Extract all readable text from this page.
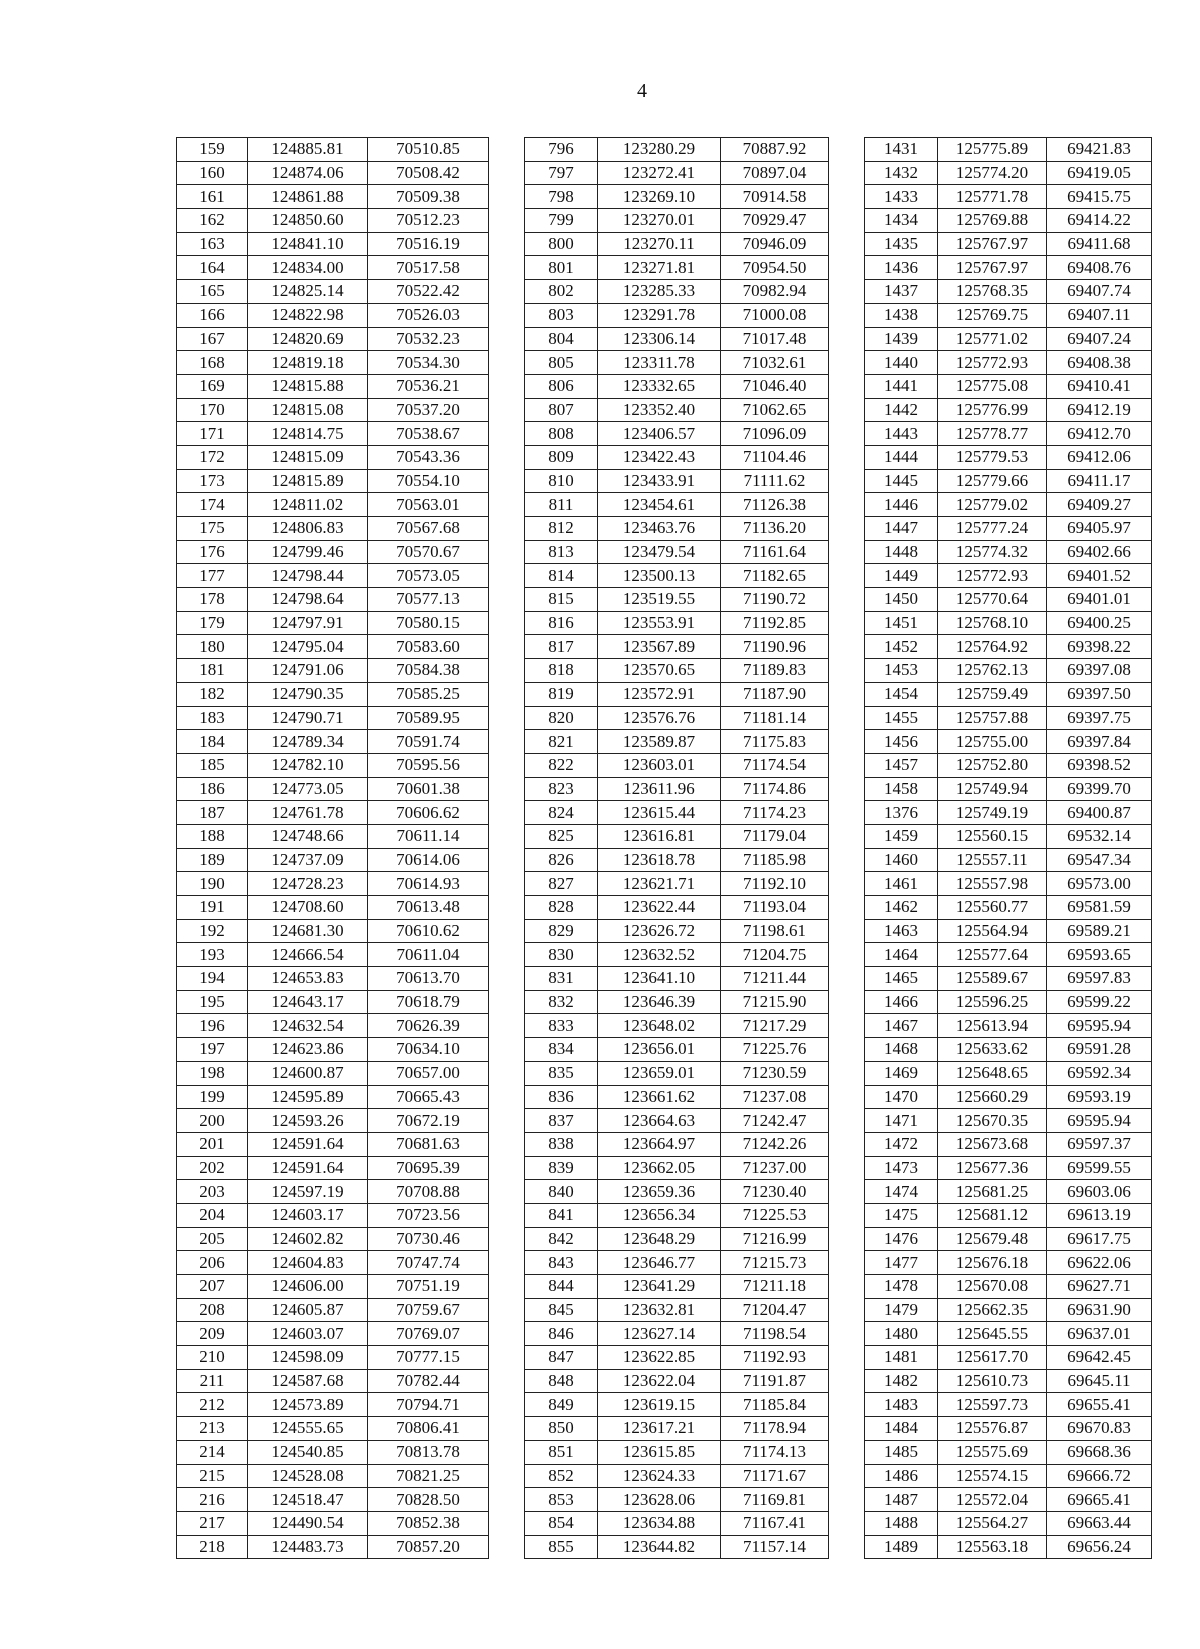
4
159	124885.81	70510.85		796	123280.29	70887.92		1431	125775.89	69421.83
160	124874.06	70508.42		797	123272.41	70897.04		1432	125774.20	69419.05
161	124861.88	70509.38		798	123269.10	70914.58		1433	125771.78	69415.75
162	124850.60	70512.23		799	123270.01	70929.47		1434	125769.88	69414.22
163	124841.10	70516.19		800	123270.11	70946.09		1435	125767.97	69411.68
164	124834.00	70517.58		801	123271.81	70954.50		1436	125767.97	69408.76
165	124825.14	70522.42		802	123285.33	70982.94		1437	125768.35	69407.74
166	124822.98	70526.03		803	123291.78	71000.08		1438	125769.75	69407.11
167	124820.69	70532.23		804	123306.14	71017.48		1439	125771.02	69407.24
168	124819.18	70534.30		805	123311.78	71032.61		1440	125772.93	69408.38
169	124815.88	70536.21		806	123332.65	71046.40		1441	125775.08	69410.41
170	124815.08	70537.20		807	123352.40	71062.65		1442	125776.99	69412.19
171	124814.75	70538.67		808	123406.57	71096.09		1443	125778.77	69412.70
172	124815.09	70543.36		809	123422.43	71104.46		1444	125779.53	69412.06
173	124815.89	70554.10		810	123433.91	71111.62		1445	125779.66	69411.17
174	124811.02	70563.01		811	123454.61	71126.38		1446	125779.02	69409.27
175	124806.83	70567.68		812	123463.76	71136.20		1447	125777.24	69405.97
176	124799.46	70570.67		813	123479.54	71161.64		1448	125774.32	69402.66
177	124798.44	70573.05		814	123500.13	71182.65		1449	125772.93	69401.52
178	124798.64	70577.13		815	123519.55	71190.72		1450	125770.64	69401.01
179	124797.91	70580.15		816	123553.91	71192.85		1451	125768.10	69400.25
180	124795.04	70583.60		817	123567.89	71190.96		1452	125764.92	69398.22
181	124791.06	70584.38		818	123570.65	71189.83		1453	125762.13	69397.08
182	124790.35	70585.25		819	123572.91	71187.90		1454	125759.49	69397.50
183	124790.71	70589.95		820	123576.76	71181.14		1455	125757.88	69397.75
184	124789.34	70591.74		821	123589.87	71175.83		1456	125755.00	69397.84
185	124782.10	70595.56		822	123603.01	71174.54		1457	125752.80	69398.52
186	124773.05	70601.38		823	123611.96	71174.86		1458	125749.94	69399.70
187	124761.78	70606.62		824	123615.44	71174.23		1376	125749.19	69400.87
188	124748.66	70611.14		825	123616.81	71179.04		1459	125560.15	69532.14
189	124737.09	70614.06		826	123618.78	71185.98		1460	125557.11	69547.34
190	124728.23	70614.93		827	123621.71	71192.10		1461	125557.98	69573.00
191	124708.60	70613.48		828	123622.44	71193.04		1462	125560.77	69581.59
192	124681.30	70610.62		829	123626.72	71198.61		1463	125564.94	69589.21
193	124666.54	70611.04		830	123632.52	71204.75		1464	125577.64	69593.65
194	124653.83	70613.70		831	123641.10	71211.44		1465	125589.67	69597.83
195	124643.17	70618.79		832	123646.39	71215.90		1466	125596.25	69599.22
196	124632.54	70626.39		833	123648.02	71217.29		1467	125613.94	69595.94
197	124623.86	70634.10		834	123656.01	71225.76		1468	125633.62	69591.28
198	124600.87	70657.00		835	123659.01	71230.59		1469	125648.65	69592.34
199	124595.89	70665.43		836	123661.62	71237.08		1470	125660.29	69593.19
200	124593.26	70672.19		837	123664.63	71242.47		1471	125670.35	69595.94
201	124591.64	70681.63		838	123664.97	71242.26		1472	125673.68	69597.37
202	124591.64	70695.39		839	123662.05	71237.00		1473	125677.36	69599.55
203	124597.19	70708.88		840	123659.36	71230.40		1474	125681.25	69603.06
204	124603.17	70723.56		841	123656.34	71225.53		1475	125681.12	69613.19
205	124602.82	70730.46		842	123648.29	71216.99		1476	125679.48	69617.75
206	124604.83	70747.74		843	123646.77	71215.73		1477	125676.18	69622.06
207	124606.00	70751.19		844	123641.29	71211.18		1478	125670.08	69627.71
208	124605.87	70759.67		845	123632.81	71204.47		1479	125662.35	69631.90
209	124603.07	70769.07		846	123627.14	71198.54		1480	125645.55	69637.01
210	124598.09	70777.15		847	123622.85	71192.93		1481	125617.70	69642.45
211	124587.68	70782.44		848	123622.04	71191.87		1482	125610.73	69645.11
212	124573.89	70794.71		849	123619.15	71185.84		1483	125597.73	69655.41
213	124555.65	70806.41		850	123617.21	71178.94		1484	125576.87	69670.83
214	124540.85	70813.78		851	123615.85	71174.13		1485	125575.69	69668.36
215	124528.08	70821.25		852	123624.33	71171.67		1486	125574.15	69666.72
216	124518.47	70828.50		853	123628.06	71169.81		1487	125572.04	69665.41
217	124490.54	70852.38		854	123634.88	71167.41		1488	125564.27	69663.44
218	124483.73	70857.20		855	123644.82	71157.14		1489	125563.18	69656.24
